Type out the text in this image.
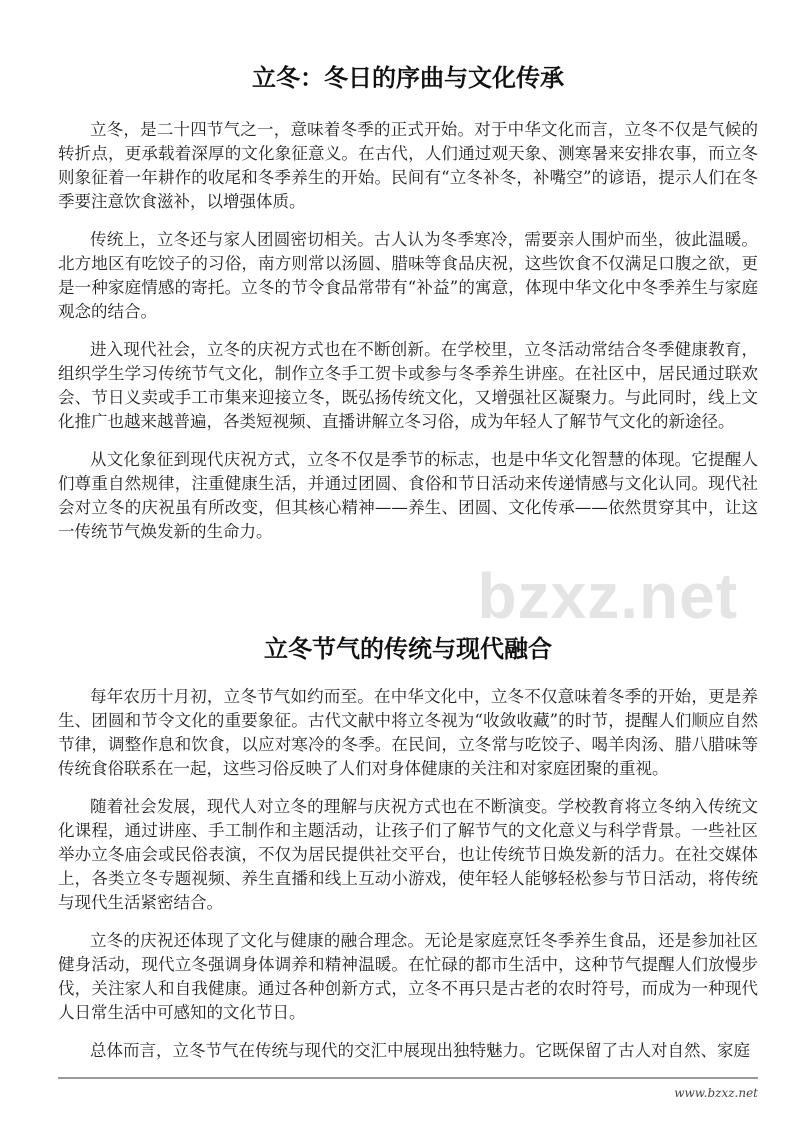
立冬：冬日的序曲与文化传承

立冬，是二十四节气之一，意味着冬季的正式开始。对于中华文化而言，立冬不仅是气候的转折点，更承载着深厚的文化象征意义。在古代，人们通过观天象、测寒暑来安排农事，而立冬则象征着一年耕作的收尾和冬季养生的开始。民间有“立冬补冬，补嘴空”的谚语，提示人们在冬季要注意饮食滋补，以增强体质。

传统上，立冬还与家人团圆密切相关。古人认为冬季寒冷，需要亲人围炉而坐，彼此温暖。北方地区有吃饺子的习俗，南方则常以汤圆、腊味等食品庆祝，这些饮食不仅满足口腹之欲，更是一种家庭情感的寄托。立冬的节令食品常带有“补益”的寓意，体现中华文化中冬季养生与家庭观念的结合。

进入现代社会，立冬的庆祝方式也在不断创新。在学校里，立冬活动常结合冬季健康教育，组织学生学习传统节气文化，制作立冬手工贺卡或参与冬季养生讲座。在社区中，居民通过联欢会、节日义卖或手工市集来迎接立冬，既弘扬传统文化，又增强社区凝聚力。与此同时，线上文化推广也越来越普遍，各类短视频、直播讲解立冬习俗，成为年轻人了解节气文化的新途径。

从文化象征到现代庆祝方式，立冬不仅是季节的标志，也是中华文化智慧的体现。它提醒人们尊重自然规律，注重健康生活，并通过团圆、食俗和节日活动来传递情感与文化认同。现代社会对立冬的庆祝虽有所改变，但其核心精神——养生、团圆、文化传承——依然贯穿其中，让这一传统节气焕发新的生命力。

bzxz.net
立冬节气的传统与现代融合

每年农历十月初，立冬节气如约而至。在中华文化中，立冬不仅意味着冬季的开始，更是养生、团圆和节令文化的重要象征。古代文献中将立冬视为“收敛收藏”的时节，提醒人们顺应自然节律，调整作息和饮食，以应对寒冷的冬季。在民间，立冬常与吃饺子、喝羊肉汤、腊八腊味等传统食俗联系在一起，这些习俗反映了人们对身体健康的关注和对家庭团聚的重视。

随着社会发展，现代人对立冬的理解与庆祝方式也在不断演变。学校教育将立冬纳入传统文化课程，通过讲座、手工制作和主题活动，让孩子们了解节气的文化意义与科学背景。一些社区举办立冬庙会或民俗表演，不仅为居民提供社交平台，也让传统节日焕发新的活力。在社交媒体上，各类立冬专题视频、养生直播和线上互动小游戏，使年轻人能够轻松参与节日活动，将传统与现代生活紧密结合。

立冬的庆祝还体现了文化与健康的融合理念。无论是家庭烹饪冬季养生食品，还是参加社区健身活动，现代立冬强调身体调养和精神温暖。在忙碌的都市生活中，这种节气提醒人们放慢步伐，关注家人和自我健康。通过各种创新方式，立冬不再只是古老的农时符号，而成为一种现代人日常生活中可感知的文化节日。

总体而言，立冬节气在传统与现代的交汇中展现出独特魅力。它既保留了古人对自然、家庭

www.bzxz.net
